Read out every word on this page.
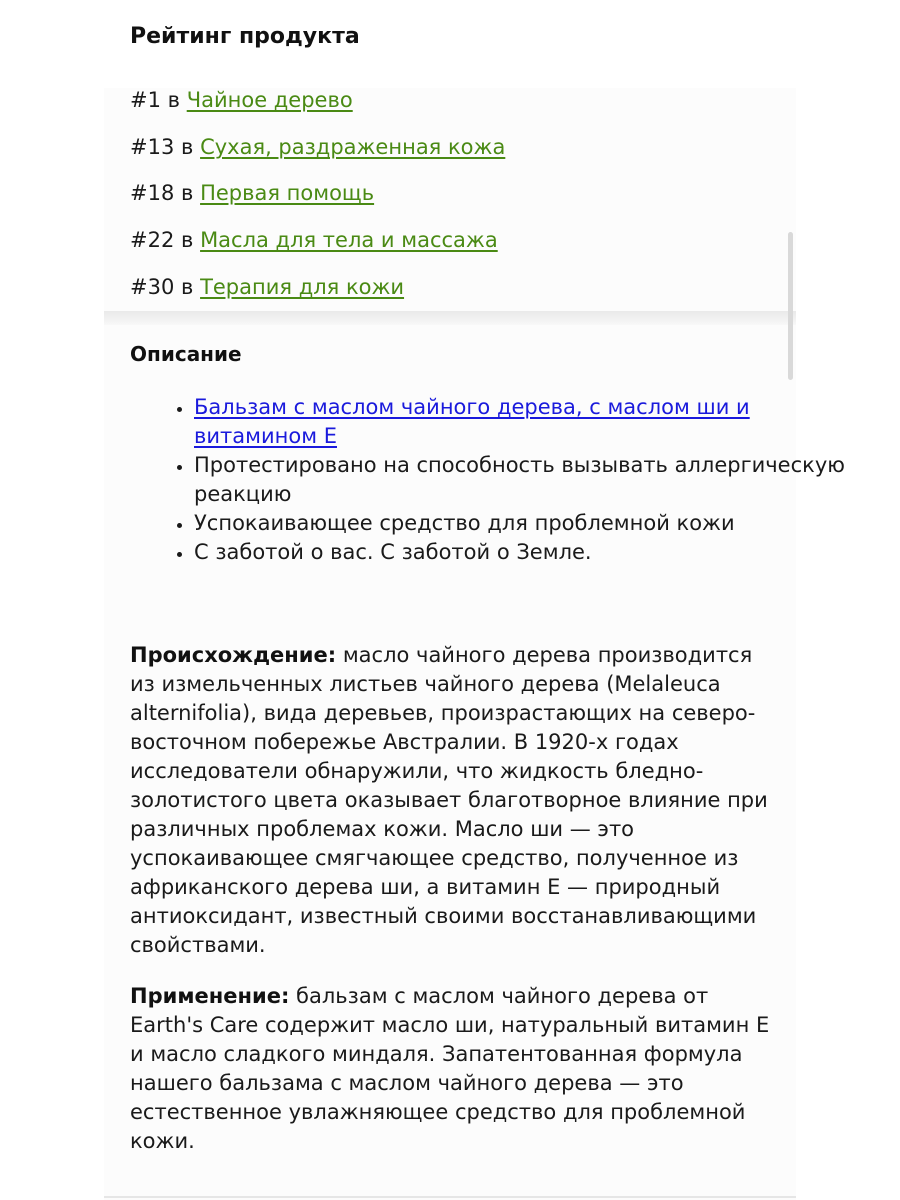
Рейтинг продукта
#1 в Чайное дерево
#13 в Сухая, раздраженная кожа
#18 в Первая помощь
#22 в Масла для тела и массажа
#30 в Терапия для кожи
Описание
• Бальзам с маслом чайного дерева, с маслом ши и витамином Е
• Протестировано на способность вызывать аллергическую реакцию
• Успокаивающее средство для проблемной кожи
• С заботой о вас. С заботой о Земле.

Происхождение: масло чайного дерева производится из измельченных листьев чайного дерева (Melaleuca alternifolia), вида деревьев, произрастающих на северо-восточном побережье Австралии. В 1920-х годах исследователи обнаружили, что жидкость бледно-золотистого цвета оказывает благотворное влияние при различных проблемах кожи. Масло ши — это успокаивающее смягчающее средство, полученное из африканского дерева ши, а витамин Е — природный антиоксидант, известный своими восстанавливающими свойствами.

Применение: бальзам с маслом чайного дерева от Earth's Care содержит масло ши, натуральный витамин Е и масло сладкого миндаля. Запатентованная формула нашего бальзама с маслом чайного дерева — это естественное увлажняющее средство для проблемной кожи.
